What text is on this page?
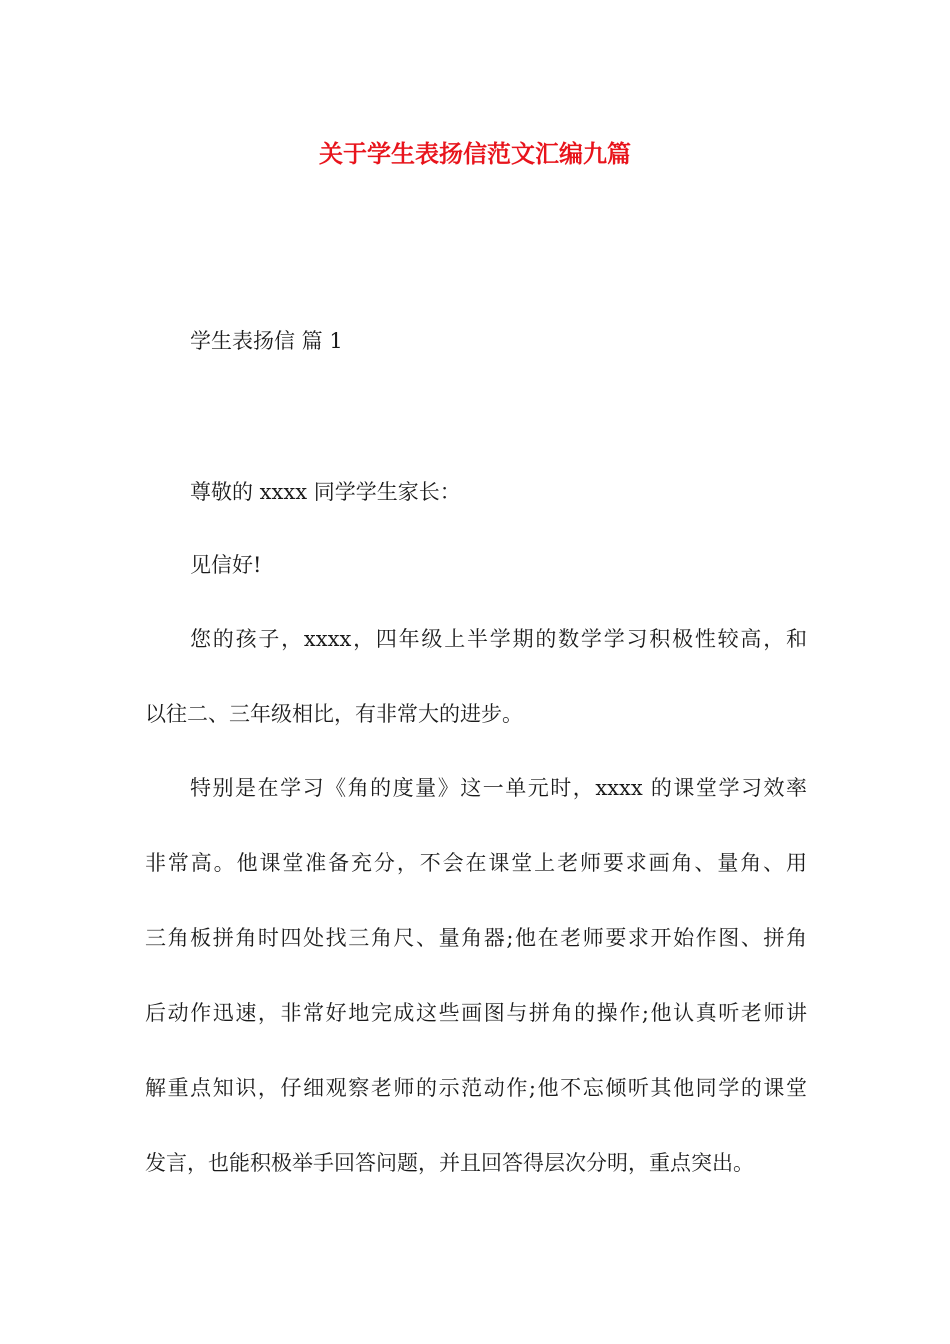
关于学生表扬信范文汇编九篇
学生表扬信 篇 1
尊敬的 xxxx 同学学生家长：
见信好!
您的孩子，xxxx，四年级上半学期的数学学习积极性较高，和
以往二、三年级相比，有非常大的进步。
特别是在学习《角的度量》这一单元时，xxxx 的课堂学习效率
非常高。他课堂准备充分，不会在课堂上老师要求画角、量角、用
三角板拼角时四处找三角尺、量角器;他在老师要求开始作图、拼角
后动作迅速，非常好地完成这些画图与拼角的操作;他认真听老师讲
解重点知识，仔细观察老师的示范动作;他不忘倾听其他同学的课堂
发言，也能积极举手回答问题，并且回答得层次分明，重点突出。
